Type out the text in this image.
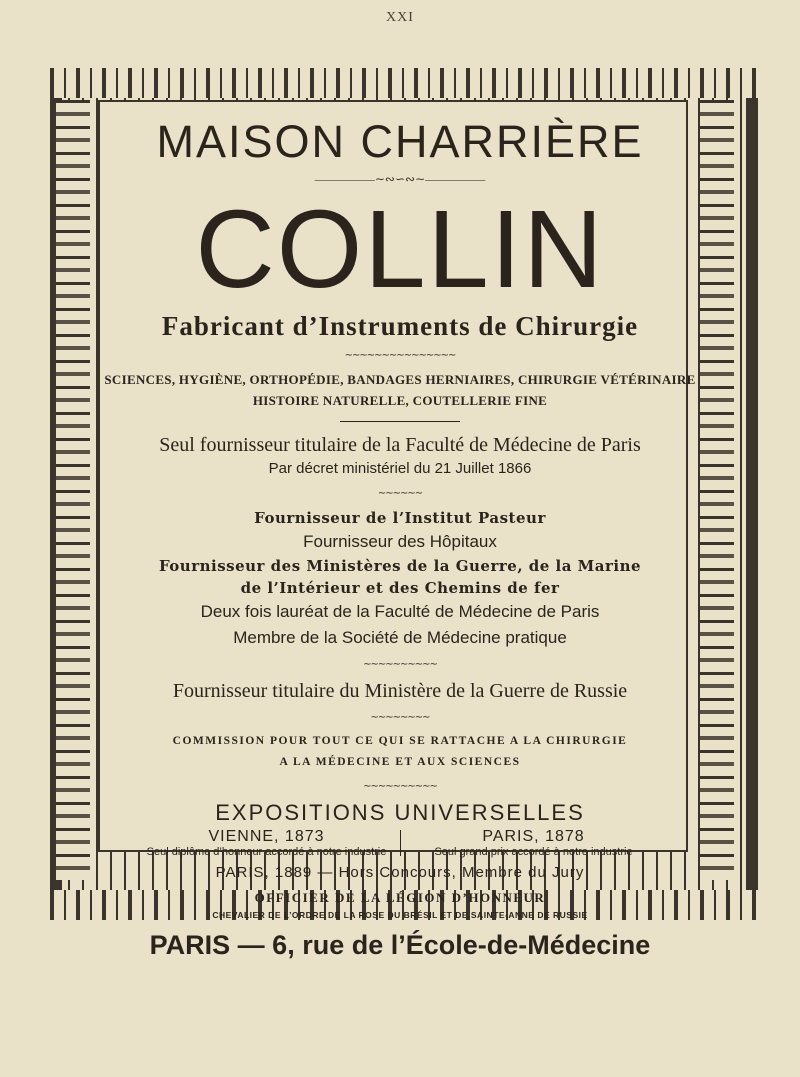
XXI
MAISON CHARRIÈRE
―――――∼∾∽∾∼―――――
COLLIN
Fabricant d’Instruments de Chirurgie
∼∼∼∼∼∼∼∼∼∼∼∼∼∼∼
SCIENCES, HYGIÈNE, ORTHOPÉDIE, BANDAGES HERNIAIRES, CHIRURGIE VÉTÉRINAIRE
HISTOIRE NATURELLE, COUTELLERIE FINE
Seul fournisseur titulaire de la Faculté de Médecine de Paris
Par décret ministériel du 21 Juillet 1866
∼∼∼∼∼∼
Fournisseur de l’Institut Pasteur
Fournisseur des Hôpitaux
Fournisseur des Ministères de la Guerre, de la Marine
de l’Intérieur et des Chemins de fer
Deux fois lauréat de la Faculté de Médecine de Paris
Membre de la Société de Médecine pratique
∼∼∼∼∼∼∼∼∼∼
Fournisseur titulaire du Ministère de la Guerre de Russie
∼∼∼∼∼∼∼∼
COMMISSION POUR TOUT CE QUI SE RATTACHE A LA CHIRURGIE
A LA MÉDECINE ET AUX SCIENCES
∼∼∼∼∼∼∼∼∼∼
EXPOSITIONS UNIVERSELLES
VIENNE, 1873
Seul diplôme d’honneur accordé à notre industrie
PARIS, 1878
Seul grand prix accordé à notre industrie
PARIS, 1889 — Hors Concours, Membre du Jury
OFFICIER DE LA LÉGION D’HONNEUR
CHEVALIER DE L’ORDRE DE LA ROSE DU BRÉSIL ET DE SAINTE-ANNE DE RUSSIE
PARIS — 6, rue de l’École-de-Médecine
